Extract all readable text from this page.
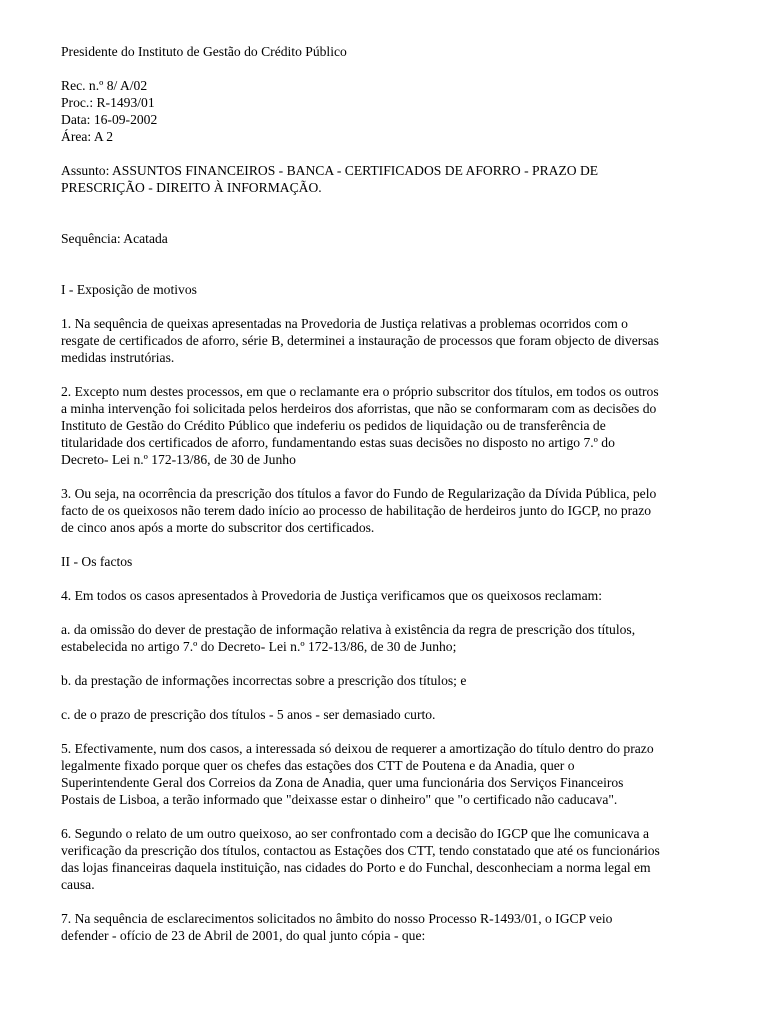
Presidente do Instituto de Gestão do Crédito Público
Rec. n.º 8/ A/02
Proc.: R-1493/01
Data: 16-09-2002
Área: A 2
Assunto: ASSUNTOS FINANCEIROS - BANCA - CERTIFICADOS DE AFORRO - PRAZO DE
PRESCRIÇÃO - DIREITO À INFORMAÇÃO.
Sequência: Acatada
I - Exposição de motivos
1. Na sequência de queixas apresentadas na Provedoria de Justiça relativas a problemas ocorridos com o
resgate de certificados de aforro, série B, determinei a instauração de processos que foram objecto de diversas
medidas instrutórias.
2. Excepto num destes processos, em que o reclamante era o próprio subscritor dos títulos, em todos os outros
a minha intervenção foi solicitada pelos herdeiros dos aforristas, que não se conformaram com as decisões do
Instituto de Gestão do Crédito Público que indeferiu os pedidos de liquidação ou de transferência de
titularidade dos certificados de aforro, fundamentando estas suas decisões no disposto no artigo 7.º do
Decreto- Lei n.º 172-13/86, de 30 de Junho
3. Ou seja, na ocorrência da prescrição dos títulos a favor do Fundo de Regularização da Dívida Pública, pelo
facto de os queixosos não terem dado início ao processo de habilitação de herdeiros junto do IGCP, no prazo
de cinco anos após a morte do subscritor dos certificados.
II - Os factos
4. Em todos os casos apresentados à Provedoria de Justiça verificamos que os queixosos reclamam:
a. da omissão do dever de prestação de informação relativa à existência da regra de prescrição dos títulos,
estabelecida no artigo 7.º do Decreto- Lei n.º 172-13/86, de 30 de Junho;
b. da prestação de informações incorrectas sobre a prescrição dos títulos; e
c. de o prazo de prescrição dos títulos - 5 anos - ser demasiado curto.
5. Efectivamente, num dos casos, a interessada só deixou de requerer a amortização do título dentro do prazo
legalmente fixado porque quer os chefes das estações dos CTT de Poutena e da Anadia, quer o
Superintendente Geral dos Correios da Zona de Anadia, quer uma funcionária dos Serviços Financeiros
Postais de Lisboa, a terão informado que "deixasse estar o dinheiro" que "o certificado não caducava".
6. Segundo o relato de um outro queixoso, ao ser confrontado com a decisão do IGCP que lhe comunicava a
verificação da prescrição dos títulos, contactou as Estações dos CTT, tendo constatado que até os funcionários
das lojas financeiras daquela instituição, nas cidades do Porto e do Funchal, desconheciam a norma legal em
causa.
7. Na sequência de esclarecimentos solicitados no âmbito do nosso Processo R-1493/01, o IGCP veio
defender - ofício de 23 de Abril de 2001, do qual junto cópia - que:
